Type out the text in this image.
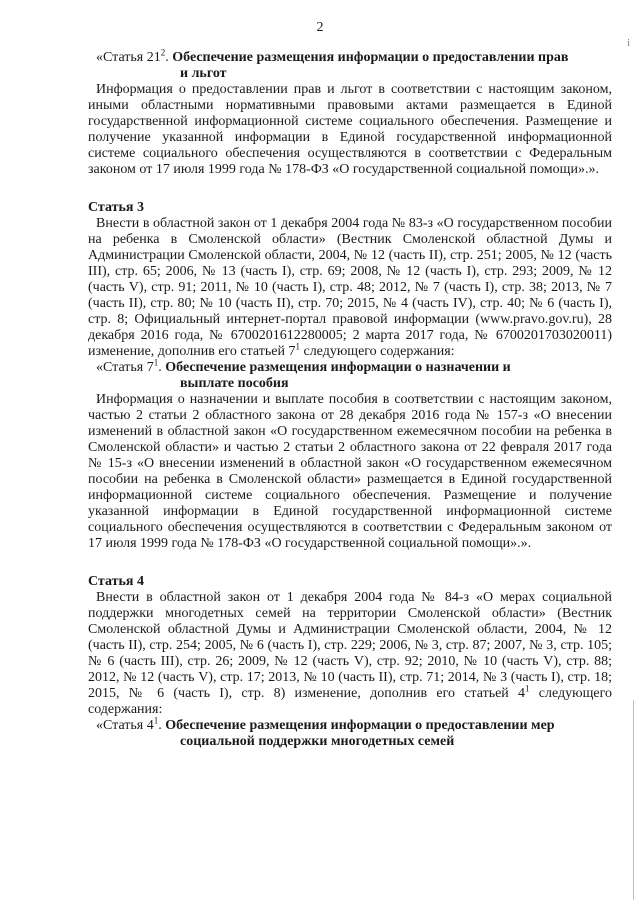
2
і

«Статья $21^2$. Обеспечение размещения информации о предоставлении прав

и льгот

Информация о предоставлении прав и льгот в соответствии с настоящим законом, иными областными нормативными правовыми актами размещается в Единой государственной информационной системе социального обеспечения. Размещение и получение указанной информации в Единой государственной информационной системе социального обеспечения осуществляются в соответствии с Федеральным законом от 17 июля 1999 года № 178-ФЗ «О государственной социальной помощи».».

Статья 3

Внести в областной закон от 1 декабря 2004 года № 83-з «О государственном пособии на ребенка в Смоленской области» (Вестник Смоленской областной Думы и Администрации Смоленской области, 2004, № 12 (часть II), стр. 251; 2005, № 12 (часть III), стр. 65; 2006, № 13 (часть I), стр. 69; 2008, № 12 (часть I), стр. 293; 2009, № 12 (часть V), стр. 91; 2011, № 10 (часть I), стр. 48; 2012, № 7 (часть I), стр. 38; 2013, № 7 (часть II), стр. 80; № 10 (часть II), стр. 70; 2015, № 4 (часть IV), стр. 40; № 6 (часть I), стр. 8; Официальный интернет-портал правовой информации (www.pravo.gov.ru), 28 декабря 2016 года, № 6700201612280005; 2 марта 2017 года, № 6700201703020011) изменение, дополнив его статьей $7^1$ следующего содержания:

«Статья $7^1$. Обеспечение размещения информации о назначении и

выплате пособия

Информация о назначении и выплате пособия в соответствии с настоящим законом, частью 2 статьи 2 областного закона от 28 декабря 2016 года № 157-з «О внесении изменений в областной закон «О государственном ежемесячном пособии на ребенка в Смоленской области» и частью 2 статьи 2 областного закона от 22 февраля 2017 года № 15-з «О внесении изменений в областной закон «О государственном ежемесячном пособии на ребенка в Смоленской области» размещается в Единой государственной информационной системе социального обеспечения. Размещение и получение указанной информации в Единой государственной информационной системе социального обеспечения осуществляются в соответствии с Федеральным законом от 17 июля 1999 года № 178-ФЗ «О государственной социальной помощи».».

Статья 4

Внести в областной закон от 1 декабря 2004 года № 84-з «О мерах социальной поддержки многодетных семей на территории Смоленской области» (Вестник Смоленской областной Думы и Администрации Смоленской области, 2004, № 12 (часть II), стр. 254; 2005, № 6 (часть I), стр. 229; 2006, № 3, стр. 87; 2007, № 3, стр. 105; № 6 (часть III), стр. 26; 2009, № 12 (часть V), стр. 92; 2010, № 10 (часть V), стр. 88; 2012, № 12 (часть V), стр. 17; 2013, № 10 (часть II), стр. 71; 2014, № 3 (часть I), стр. 18; 2015, № 6 (часть I), стр. 8) изменение, дополнив его статьей $4^1$ следующего содержания:

«Статья $4^1$. Обеспечение размещения информации о предоставлении мер

социальной поддержки многодетных семей
